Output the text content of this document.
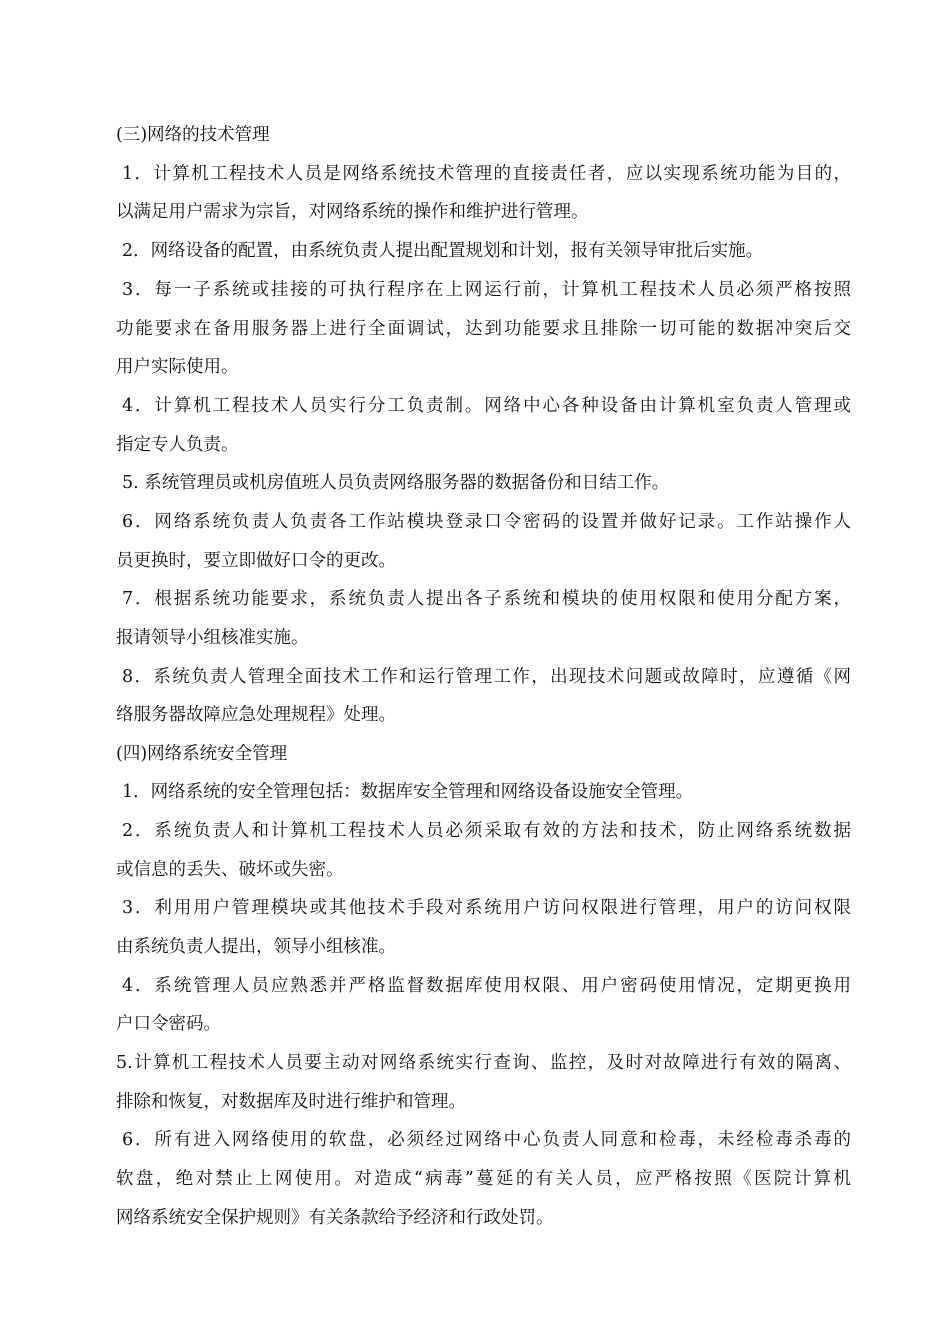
(三)网络的技术管理
1．计算机工程技术人员是网络系统技术管理的直接责任者，应以实现系统功能为目的，
以满足用户需求为宗旨，对网络系统的操作和维护进行管理。
2．网络设备的配置，由系统负责人提出配置规划和计划，报有关领导审批后实施。
3．每一子系统或挂接的可执行程序在上网运行前，计算机工程技术人员必须严格按照
功能要求在备用服务器上进行全面调试，达到功能要求且排除一切可能的数据冲突后交
用户实际使用。
4．计算机工程技术人员实行分工负责制。网络中心各种设备由计算机室负责人管理或
指定专人负责。
5. 系统管理员或机房值班人员负责网络服务器的数据备份和日结工作。
6．网络系统负责人负责各工作站模块登录口令密码的设置并做好记录。工作站操作人
员更换时，要立即做好口令的更改。
7．根据系统功能要求，系统负责人提出各子系统和模块的使用权限和使用分配方案，
报请领导小组核准实施。
8．系统负责人管理全面技术工作和运行管理工作，出现技术问题或故障时，应遵循《网
络服务器故障应急处理规程》处理。
(四)网络系统安全管理
1．网络系统的安全管理包括：数据库安全管理和网络设备设施安全管理。
2．系统负责人和计算机工程技术人员必须采取有效的方法和技术，防止网络系统数据
或信息的丢失、破坏或失密。
3．利用用户管理模块或其他技术手段对系统用户访问权限进行管理，用户的访问权限
由系统负责人提出，领导小组核准。
4．系统管理人员应熟悉并严格监督数据库使用权限、用户密码使用情况，定期更换用
户口令密码。
5.计算机工程技术人员要主动对网络系统实行查询、监控，及时对故障进行有效的隔离、
排除和恢复，对数据库及时进行维护和管理。
6．所有进入网络使用的软盘，必须经过网络中心负责人同意和检毒，未经检毒杀毒的
软盘，绝对禁止上网使用。对造成“病毒”蔓延的有关人员，应严格按照《医院计算机
网络系统安全保护规则》有关条款给予经济和行政处罚。
